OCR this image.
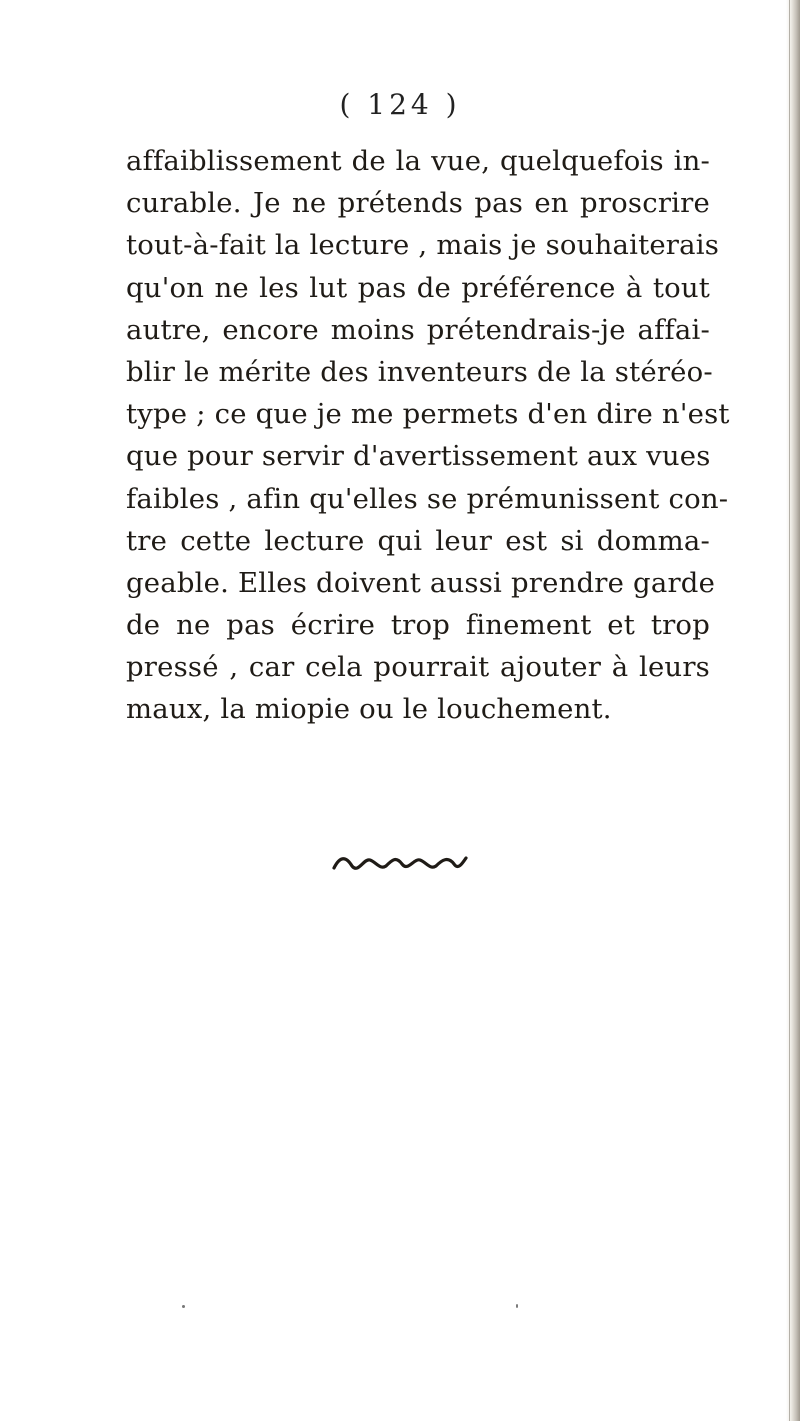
( 124 )
affaiblissement de la vue, quelquefois in-
curable. Je ne prétends pas en proscrire
tout-à-fait la lecture , mais je souhaiterais
qu'on ne les lut pas de préférence à tout
autre, encore moins prétendrais-je affai-
blir le mérite des inventeurs de la stéréo-
type ; ce que je me permets d'en dire n'est
que pour servir d'avertissement aux vues
faibles , afin qu'elles se prémunissent con-
tre cette lecture qui leur est si domma-
geable. Elles doivent aussi prendre garde
de ne pas écrire trop finement et trop
pressé , car cela pourrait ajouter à leurs
maux, la miopie ou le louchement.
